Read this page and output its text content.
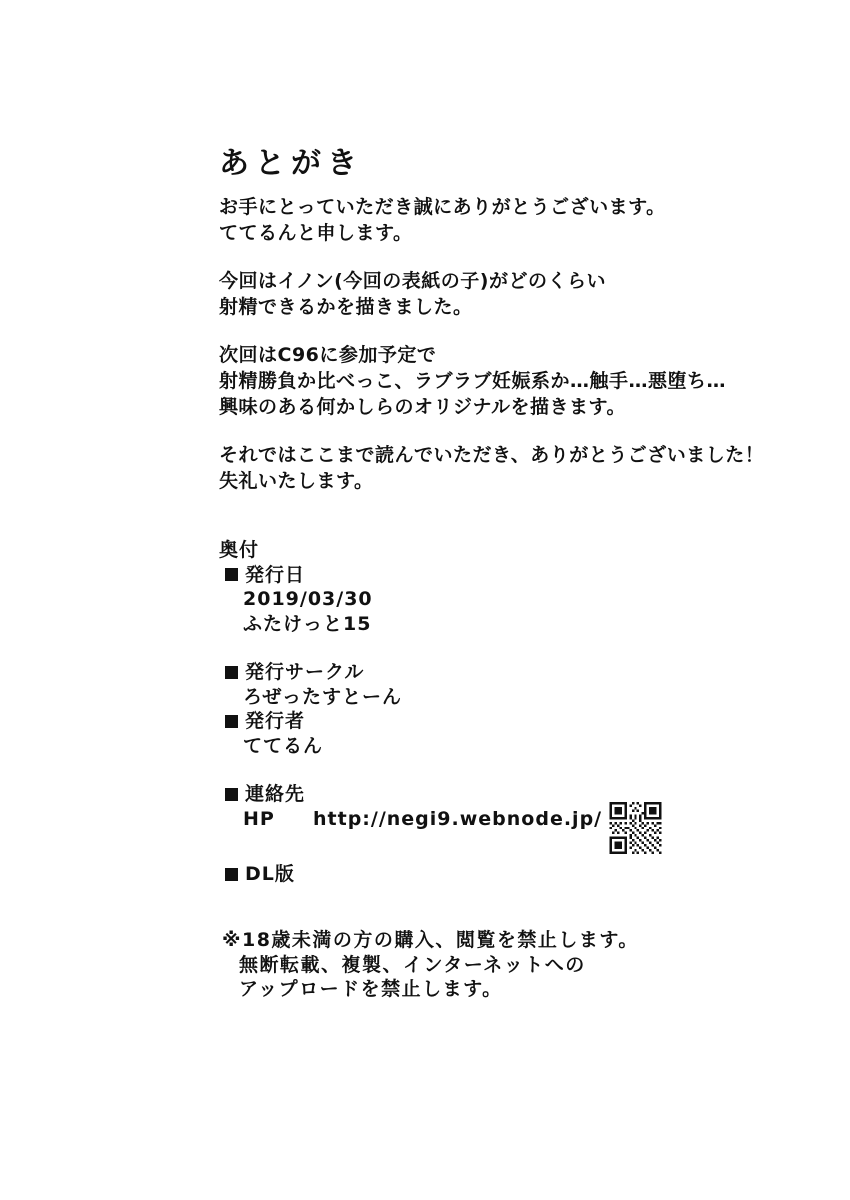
あとがき
お手にとっていただき誠にありがとうございます。
ててるんと申します。
今回はイノン(今回の表紙の子)がどのくらい
射精できるかを描きました。
次回はC96に参加予定で
射精勝負か比べっこ、ラブラブ妊娠系か…触手…悪堕ち…
興味のある何かしらのオリジナルを描きます。
それではここまで読んでいただき、ありがとうございました！
失礼いたします。
奥付
発行日
2019/03/30
ふたけっと15
発行サークル
ろぜったすとーん
発行者
ててるん
連絡先
HP http://negi9.webnode.jp/
DL版
※18歳未満の方の購入、閲覧を禁止します。
無断転載、複製、インターネットへの
アップロードを禁止します。
